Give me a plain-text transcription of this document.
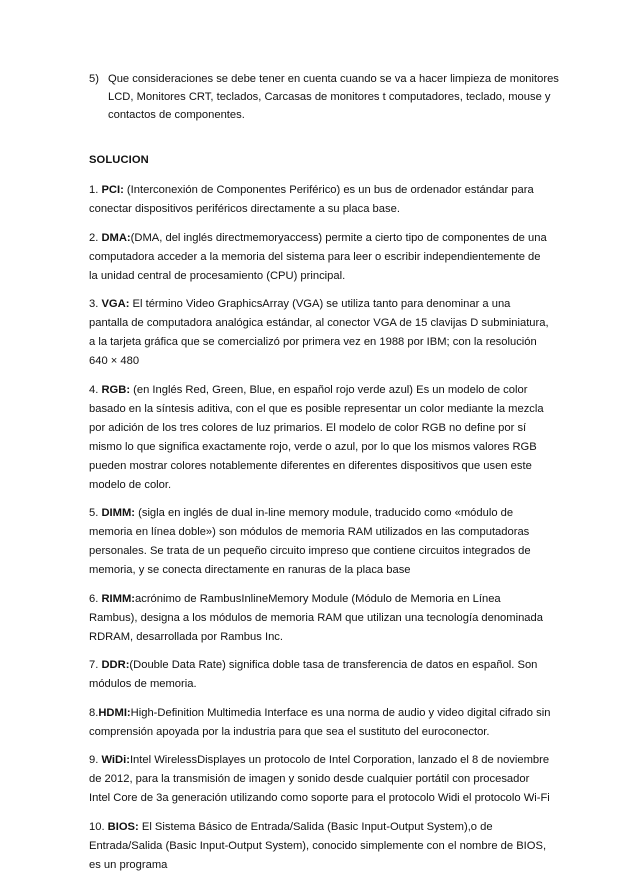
5) Que consideraciones se debe tener en cuenta cuando se va a hacer limpieza de monitores LCD, Monitores CRT, teclados, Carcasas de monitores t computadores, teclado, mouse y contactos de componentes.
SOLUCION

1. PCI: (Interconexión de Componentes Periférico) es un bus de ordenador estándar para conectar dispositivos periféricos directamente a su placa base.

2. DMA:(DMA, del inglés directmemoryaccess) permite a cierto tipo de componentes de una computadora acceder a la memoria del sistema para leer o escribir independientemente de la unidad central de procesamiento (CPU) principal.

3. VGA: El término Video GraphicsArray (VGA) se utiliza tanto para denominar a una pantalla de computadora analógica estándar, al conector VGA de 15 clavijas D subminiatura, a la tarjeta gráfica que se comercializó por primera vez en 1988 por IBM; con la resolución 640 × 480

4. RGB: (en Inglés Red, Green, Blue, en español rojo verde azul) Es un modelo de color basado en la síntesis aditiva, con el que es posible representar un color mediante la mezcla por adición de los tres colores de luz primarios. El modelo de color RGB no define por sí mismo lo que significa exactamente rojo, verde o azul, por lo que los mismos valores RGB pueden mostrar colores notablemente diferentes en diferentes dispositivos que usen este modelo de color.

5. DIMM: (sigla en inglés de dual in-line memory module, traducido como «módulo de memoria en línea doble») son módulos de memoria RAM utilizados en las computadoras personales. Se trata de un pequeño circuito impreso que contiene circuitos integrados de memoria, y se conecta directamente en ranuras de la placa base

6. RIMM:acrónimo de RambusInlineMemory Module (Módulo de Memoria en Línea Rambus), designa a los módulos de memoria RAM que utilizan una tecnología denominada RDRAM, desarrollada por Rambus Inc.

7. DDR:(Double Data Rate) significa doble tasa de transferencia de datos en español. Son módulos de memoria.

8.HDMI:High-Definition Multimedia Interface es una norma de audio y video digital cifrado sin comprensión apoyada por la industria para que sea el sustituto del euroconector.

9. WiDi:Intel WirelessDisplayes un protocolo de Intel Corporation, lanzado el 8 de noviembre de 2012, para la transmisión de imagen y sonido desde cualquier portátil con procesador Intel Core de 3a generación utilizando como soporte para el protocolo Widi el protocolo Wi-Fi

10. BIOS: El Sistema Básico de Entrada/Salida (Basic Input-Output System),o de Entrada/Salida (Basic Input-Output System), conocido simplemente con el nombre de BIOS, es un programa
